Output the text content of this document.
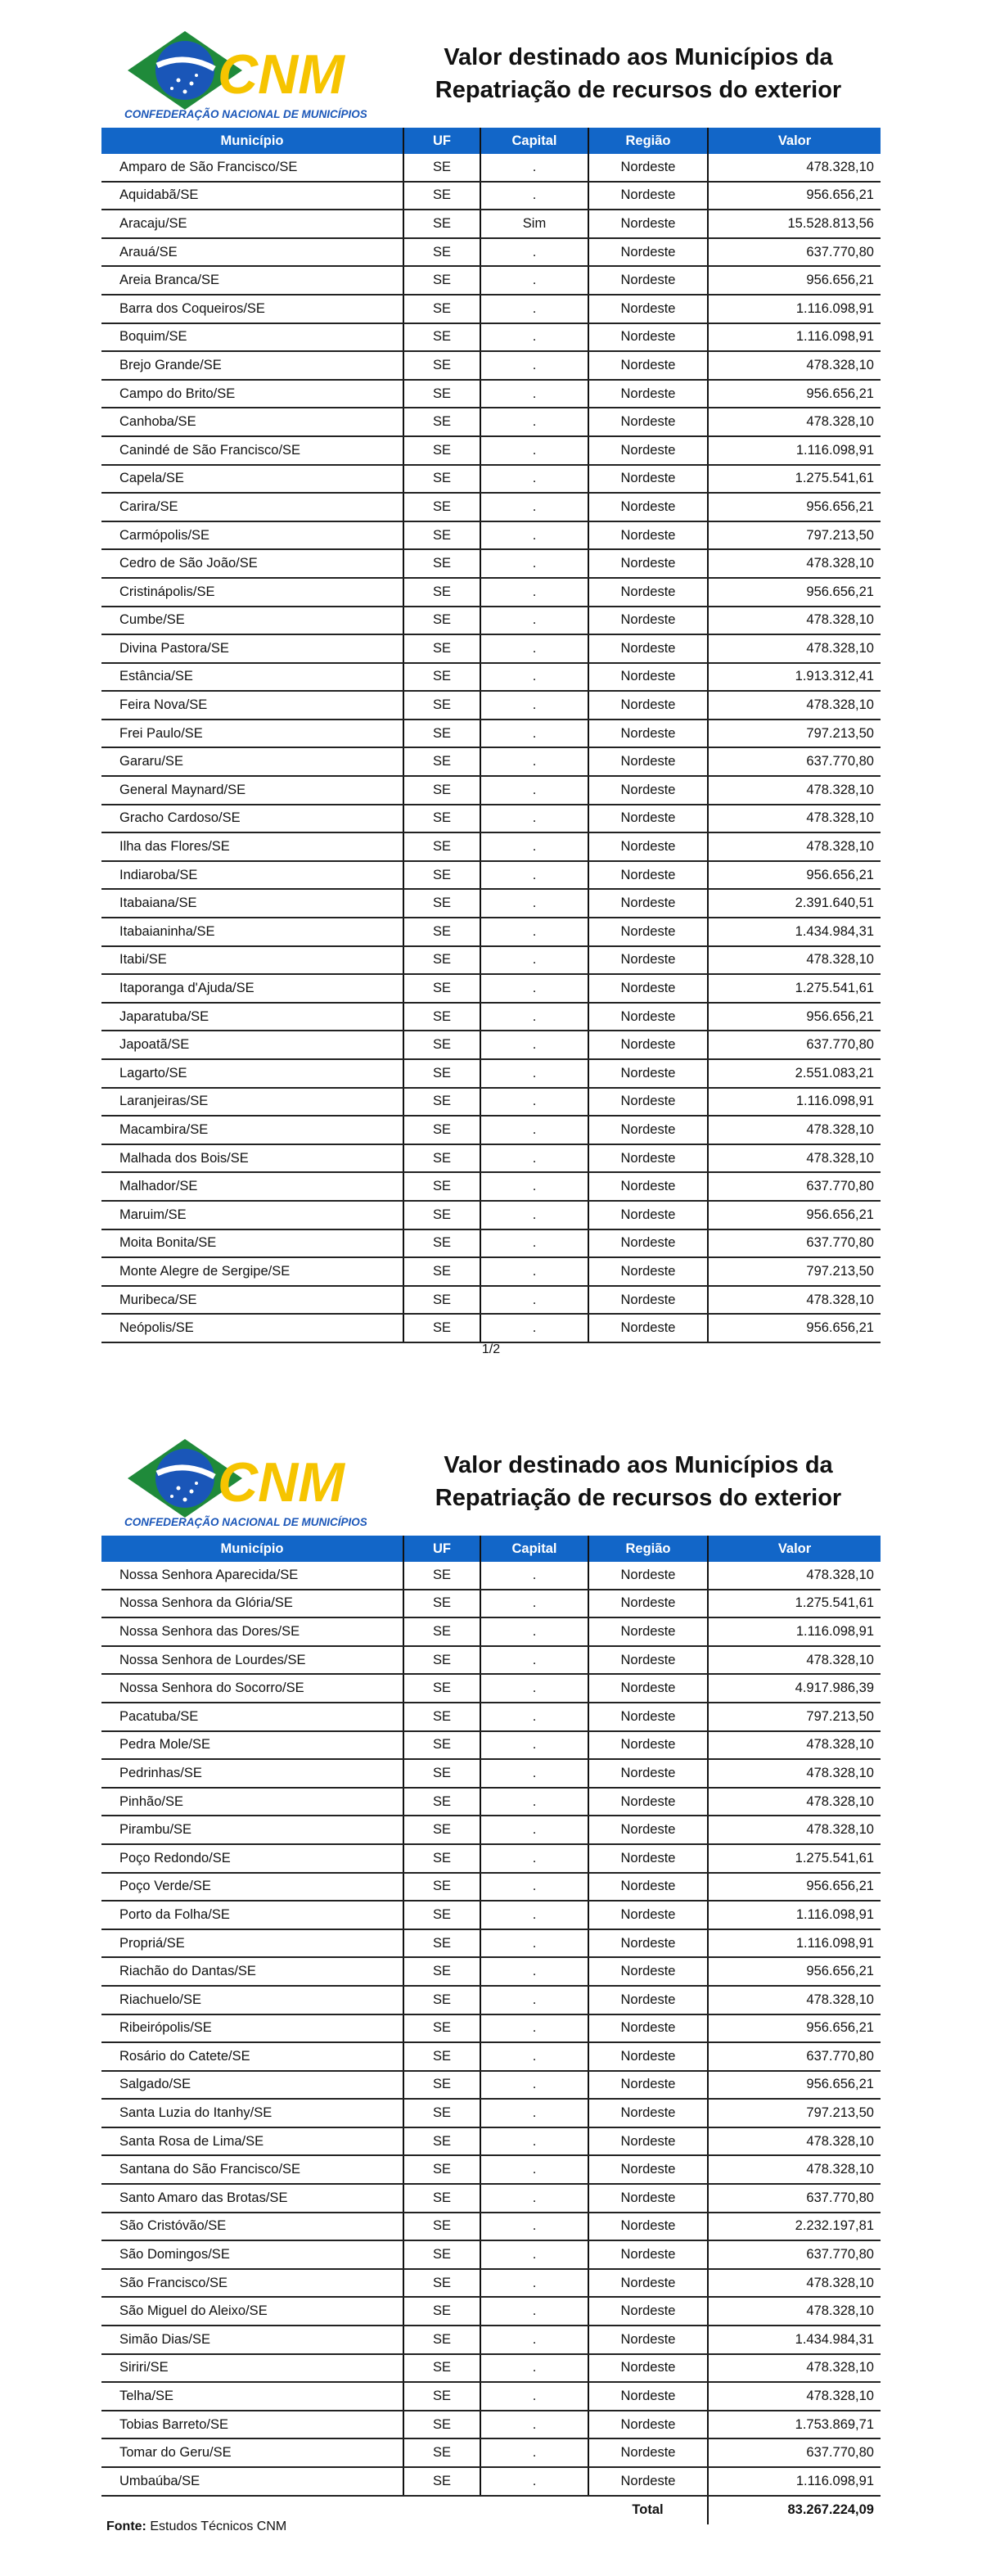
CNM
CONFEDERAÇÃO NACIONAL DE MUNICÍPIOS
Valor destinado aos Municípios da
Repatriação de recursos do exterior
Município	UF	Capital	Região	Valor
Amparo de São Francisco/SE	SE	.	Nordeste	478.328,10
Aquidabã/SE	SE	.	Nordeste	956.656,21
Aracaju/SE	SE	Sim	Nordeste	15.528.813,56
Arauá/SE	SE	.	Nordeste	637.770,80
Areia Branca/SE	SE	.	Nordeste	956.656,21
Barra dos Coqueiros/SE	SE	.	Nordeste	1.116.098,91
Boquim/SE	SE	.	Nordeste	1.116.098,91
Brejo Grande/SE	SE	.	Nordeste	478.328,10
Campo do Brito/SE	SE	.	Nordeste	956.656,21
Canhoba/SE	SE	.	Nordeste	478.328,10
Canindé de São Francisco/SE	SE	.	Nordeste	1.116.098,91
Capela/SE	SE	.	Nordeste	1.275.541,61
Carira/SE	SE	.	Nordeste	956.656,21
Carmópolis/SE	SE	.	Nordeste	797.213,50
Cedro de São João/SE	SE	.	Nordeste	478.328,10
Cristinápolis/SE	SE	.	Nordeste	956.656,21
Cumbe/SE	SE	.	Nordeste	478.328,10
Divina Pastora/SE	SE	.	Nordeste	478.328,10
Estância/SE	SE	.	Nordeste	1.913.312,41
Feira Nova/SE	SE	.	Nordeste	478.328,10
Frei Paulo/SE	SE	.	Nordeste	797.213,50
Gararu/SE	SE	.	Nordeste	637.770,80
General Maynard/SE	SE	.	Nordeste	478.328,10
Gracho Cardoso/SE	SE	.	Nordeste	478.328,10
Ilha das Flores/SE	SE	.	Nordeste	478.328,10
Indiaroba/SE	SE	.	Nordeste	956.656,21
Itabaiana/SE	SE	.	Nordeste	2.391.640,51
Itabaianinha/SE	SE	.	Nordeste	1.434.984,31
Itabi/SE	SE	.	Nordeste	478.328,10
Itaporanga d'Ajuda/SE	SE	.	Nordeste	1.275.541,61
Japaratuba/SE	SE	.	Nordeste	956.656,21
Japoatã/SE	SE	.	Nordeste	637.770,80
Lagarto/SE	SE	.	Nordeste	2.551.083,21
Laranjeiras/SE	SE	.	Nordeste	1.116.098,91
Macambira/SE	SE	.	Nordeste	478.328,10
Malhada dos Bois/SE	SE	.	Nordeste	478.328,10
Malhador/SE	SE	.	Nordeste	637.770,80
Maruim/SE	SE	.	Nordeste	956.656,21
Moita Bonita/SE	SE	.	Nordeste	637.770,80
Monte Alegre de Sergipe/SE	SE	.	Nordeste	797.213,50
Muribeca/SE	SE	.	Nordeste	478.328,10
Neópolis/SE	SE	.	Nordeste	956.656,21
1/2
CNM
CONFEDERAÇÃO NACIONAL DE MUNICÍPIOS
Valor destinado aos Municípios da
Repatriação de recursos do exterior
Município	UF	Capital	Região	Valor
Nossa Senhora Aparecida/SE	SE	.	Nordeste	478.328,10
Nossa Senhora da Glória/SE	SE	.	Nordeste	1.275.541,61
Nossa Senhora das Dores/SE	SE	.	Nordeste	1.116.098,91
Nossa Senhora de Lourdes/SE	SE	.	Nordeste	478.328,10
Nossa Senhora do Socorro/SE	SE	.	Nordeste	4.917.986,39
Pacatuba/SE	SE	.	Nordeste	797.213,50
Pedra Mole/SE	SE	.	Nordeste	478.328,10
Pedrinhas/SE	SE	.	Nordeste	478.328,10
Pinhão/SE	SE	.	Nordeste	478.328,10
Pirambu/SE	SE	.	Nordeste	478.328,10
Poço Redondo/SE	SE	.	Nordeste	1.275.541,61
Poço Verde/SE	SE	.	Nordeste	956.656,21
Porto da Folha/SE	SE	.	Nordeste	1.116.098,91
Propriá/SE	SE	.	Nordeste	1.116.098,91
Riachão do Dantas/SE	SE	.	Nordeste	956.656,21
Riachuelo/SE	SE	.	Nordeste	478.328,10
Ribeirópolis/SE	SE	.	Nordeste	956.656,21
Rosário do Catete/SE	SE	.	Nordeste	637.770,80
Salgado/SE	SE	.	Nordeste	956.656,21
Santa Luzia do Itanhy/SE	SE	.	Nordeste	797.213,50
Santa Rosa de Lima/SE	SE	.	Nordeste	478.328,10
Santana do São Francisco/SE	SE	.	Nordeste	478.328,10
Santo Amaro das Brotas/SE	SE	.	Nordeste	637.770,80
São Cristóvão/SE	SE	.	Nordeste	2.232.197,81
São Domingos/SE	SE	.	Nordeste	637.770,80
São Francisco/SE	SE	.	Nordeste	478.328,10
São Miguel do Aleixo/SE	SE	.	Nordeste	478.328,10
Simão Dias/SE	SE	.	Nordeste	1.434.984,31
Siriri/SE	SE	.	Nordeste	478.328,10
Telha/SE	SE	.	Nordeste	478.328,10
Tobias Barreto/SE	SE	.	Nordeste	1.753.869,71
Tomar do Geru/SE	SE	.	Nordeste	637.770,80
Umbaúba/SE	SE	.	Nordeste	1.116.098,91
			Total	83.267.224,09
Fonte: Estudos Técnicos CNM
